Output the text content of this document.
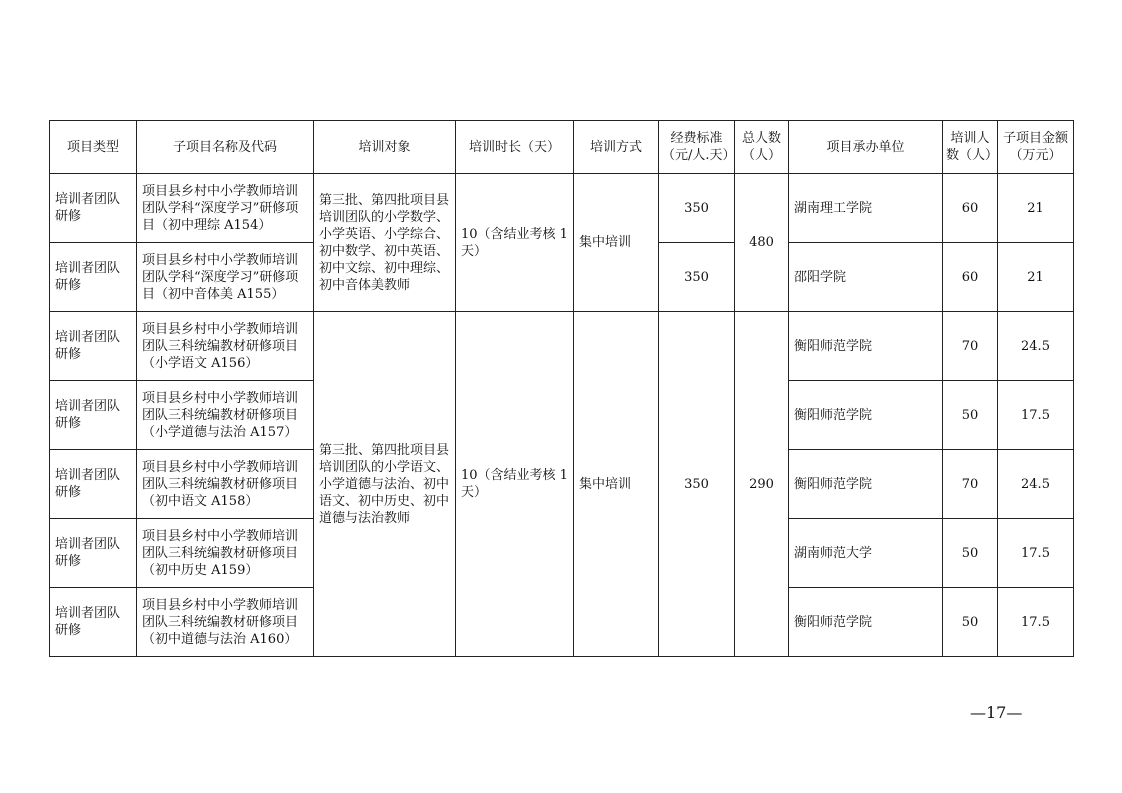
项目类型	子项目名称及代码	培训对象	培训时长（天）	培训方式	经费标准（元/人.天）	总人数（人）	项目承办单位	培训人数（人）	子项目金额（万元）
培训者团队研修	项目县乡村中小学教师培训团队学科“深度学习”研修项目（初中理综 A154）	第三批、第四批项目县培训团队的小学数学、小学英语、小学综合、初中数学、初中英语、初中文综、初中理综、初中音体美教师	10（含结业考核 1 天）	集中培训	350	480	湖南理工学院	60	21
培训者团队研修	项目县乡村中小学教师培训团队学科“深度学习”研修项目（初中音体美 A155）				350		邵阳学院	60	21
培训者团队研修	项目县乡村中小学教师培训团队三科统编教材研修项目（小学语文 A156）	第三批、第四批项目县培训团队的小学语文、小学道德与法治、初中语文、初中历史、初中道德与法治教师	10（含结业考核 1 天）	集中培训	350	290	衡阳师范学院	70	24.5
培训者团队研修	项目县乡村中小学教师培训团队三科统编教材研修项目（小学道德与法治 A157）						衡阳师范学院	50	17.5
培训者团队研修	项目县乡村中小学教师培训团队三科统编教材研修项目（初中语文 A158）						衡阳师范学院	70	24.5
培训者团队研修	项目县乡村中小学教师培训团队三科统编教材研修项目（初中历史 A159）						湖南师范大学	50	17.5
培训者团队研修	项目县乡村中小学教师培训团队三科统编教材研修项目（初中道德与法治 A160）						衡阳师范学院	50	17.5
—17—
